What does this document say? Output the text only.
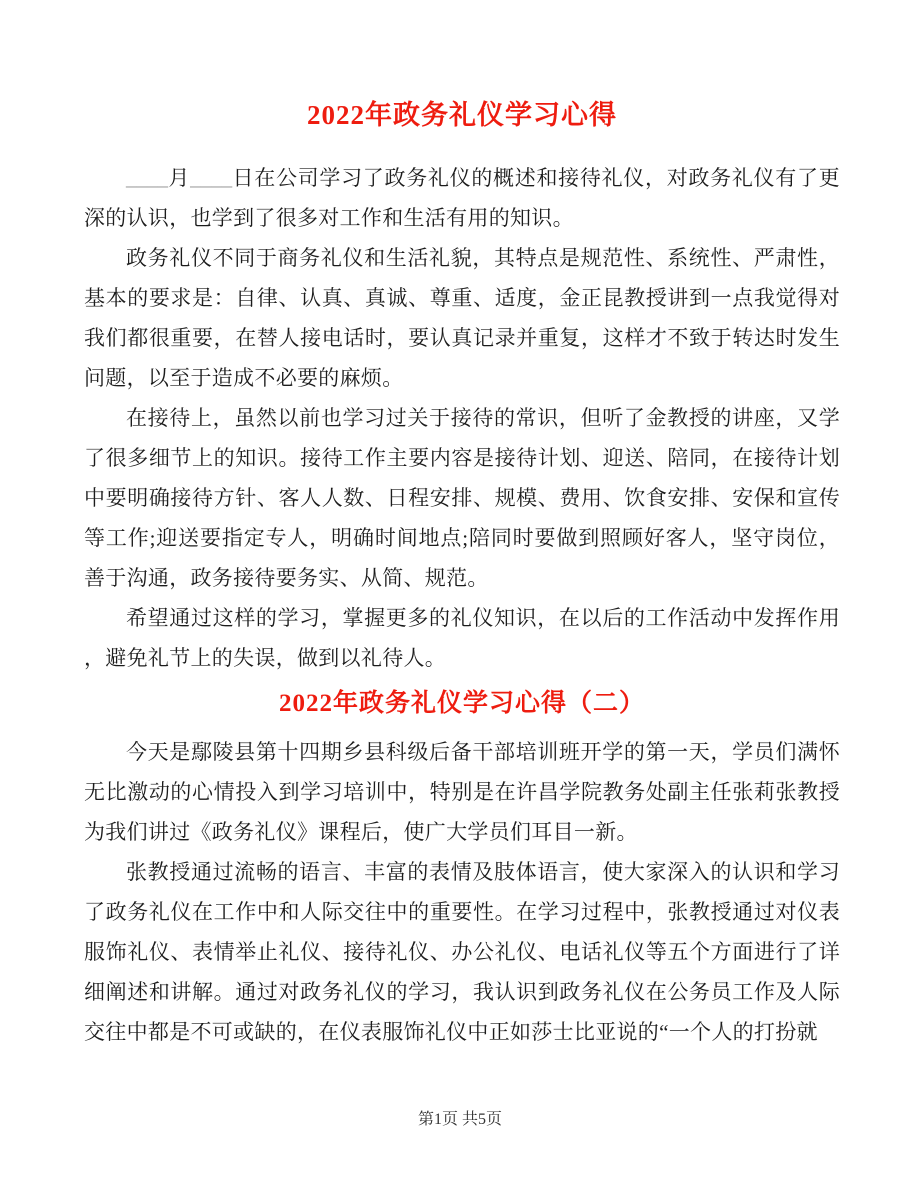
2022年政务礼仪学习心得

____月____日在公司学习了政务礼仪的概述和接待礼仪，对政务礼仪有了更深的认识，也学到了很多对工作和生活有用的知识。

政务礼仪不同于商务礼仪和生活礼貌，其特点是规范性、系统性、严肃性，基本的要求是：自律、认真、真诚、尊重、适度，金正昆教授讲到一点我觉得对我们都很重要，在替人接电话时，要认真记录并重复，这样才不致于转达时发生问题，以至于造成不必要的麻烦。

在接待上，虽然以前也学习过关于接待的常识，但听了金教授的讲座，又学了很多细节上的知识。接待工作主要内容是接待计划、迎送、陪同，在接待计划中要明确接待方针、客人人数、日程安排、规模、费用、饮食安排、安保和宣传等工作;迎送要指定专人，明确时间地点;陪同时要做到照顾好客人，坚守岗位，善于沟通，政务接待要务实、从简、规范。

希望通过这样的学习，掌握更多的礼仪知识，在以后的工作活动中发挥作用，避免礼节上的失误，做到以礼待人。

2022年政务礼仪学习心得（二）

今天是鄢陵县第十四期乡县科级后备干部培训班开学的第一天，学员们满怀无比激动的心情投入到学习培训中，特别是在许昌学院教务处副主任张莉张教授为我们讲过《政务礼仪》课程后，使广大学员们耳目一新。

张教授通过流畅的语言、丰富的表情及肢体语言，使大家深入的认识和学习了政务礼仪在工作中和人际交往中的重要性。在学习过程中，张教授通过对仪表服饰礼仪、表情举止礼仪、接待礼仪、办公礼仪、电话礼仪等五个方面进行了详细阐述和讲解。通过对政务礼仪的学习，我认识到政务礼仪在公务员工作及人际交往中都是不可或缺的，在仪表服饰礼仪中正如莎士比亚说的“一个人的打扮就

第1页 共5页
